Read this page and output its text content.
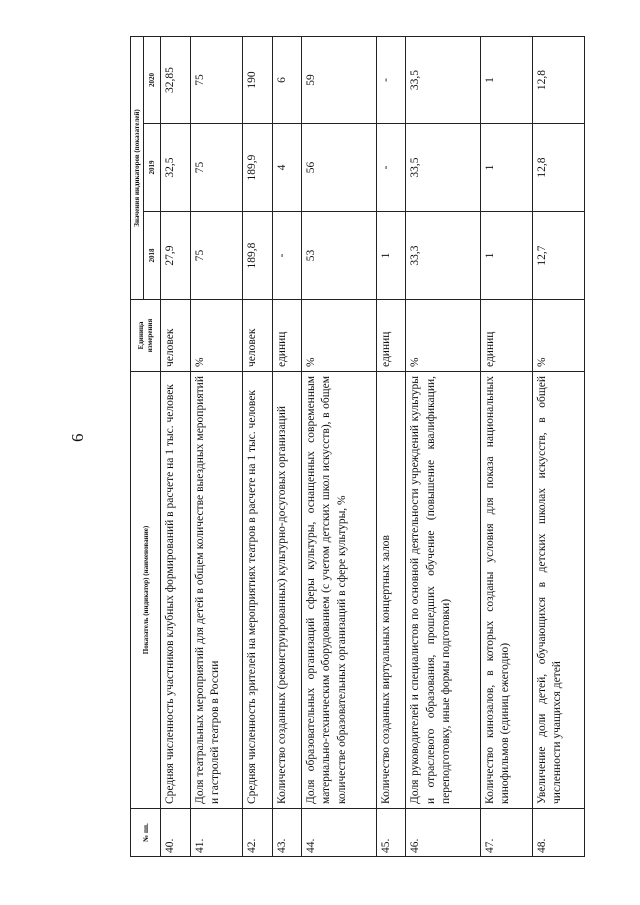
6
№ пп.	Показатель (индикатор) (наименование)	Единица измерения	Значения индикаторов (показателей)		
			2018	2019	2020
40.	Средняя численность участников клубных формирований в расчете на 1 тыс. человек	человек	27,9	32,5	32,85
41.	Доля театральных мероприятий для детей в общем количестве выездных мероприятий и гастролей театров в России	%	75	75	75
42.	Средняя численность зрителей на мероприятиях театров в расчете на 1 тыс. человек	человек	189,8	189,9	190
43.	Количество созданных (реконструированных) культурно-досуговых организаций	единиц	-	4	6
44.	Доля образовательных организаций сферы культуры, оснащенных современным материально-техническим оборудованием (с учетом детских школ искусств), в общем количестве образовательных организаций в сфере культуры, %	%	53	56	59
45.	Количество созданных виртуальных концертных залов	единиц	1	-	-
46.	Доля руководителей и специалистов по основной деятельности учреждений культуры и отраслевого образования, прошедших обучение (повышение квалификации, переподготовку, иные формы подготовки)	%	33,3	33,5	33,5
47.	Количество кинозалов, в которых созданы условия для показа национальных кинофильмов (единиц ежегодно)	единиц	1	1	1
48.	Увеличение доли детей, обучающихся в детских школах искусств, в общей численности учащихся детей	%	12,7	12,8	12,8
